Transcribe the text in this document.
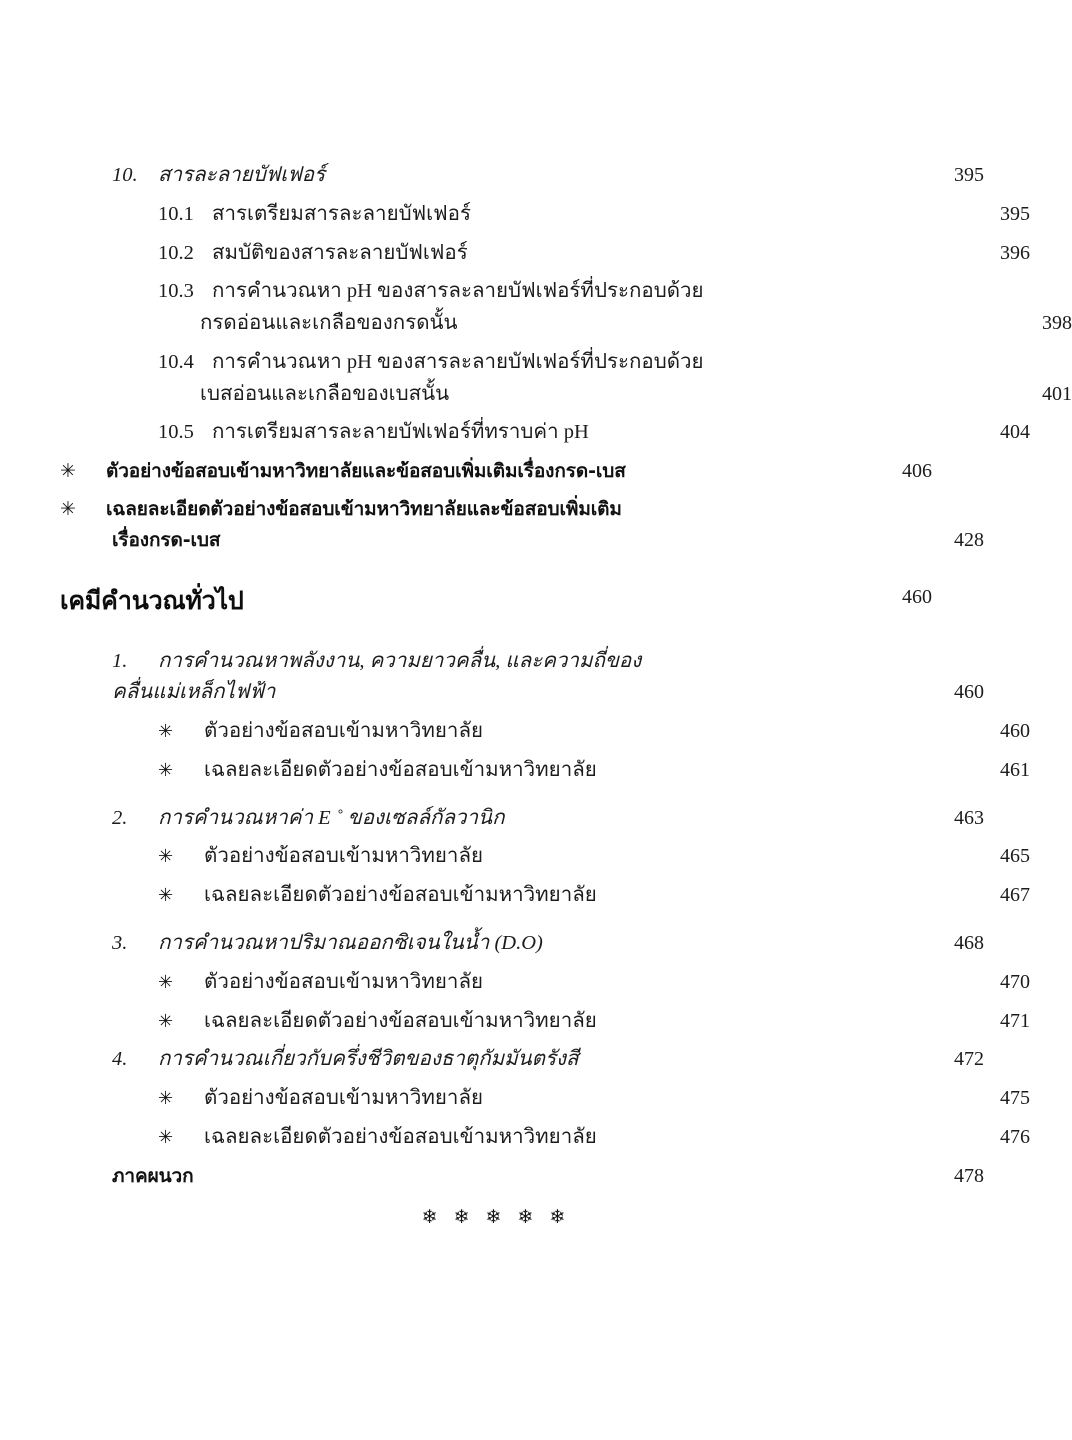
10. สารละลายบัฟเฟอร์	395
10.1 สารเตรียมสารละลายบัฟเฟอร์	395
10.2 สมบัติของสารละลายบัฟเฟอร์	396
10.3 การคำนวณหา pH ของสารละลายบัฟเฟอร์ที่ประกอบด้วย
กรดอ่อนและเกลือของกรดนั้น	398
10.4 การคำนวณหา pH ของสารละลายบัฟเฟอร์ที่ประกอบด้วย
เบสอ่อนและเกลือของเบสนั้น	401
10.5 การเตรียมสารละลายบัฟเฟอร์ที่ทราบค่า pH	404
✳ ตัวอย่างข้อสอบเข้ามหาวิทยาลัยและข้อสอบเพิ่มเติมเรื่องกรด-เบส	406
✳ เฉลยละเอียดตัวอย่างข้อสอบเข้ามหาวิทยาลัยและข้อสอบเพิ่มเติม
เรื่องกรด-เบส	428
เคมีคำนวณทั่วไป	460
1. การคำนวณหาพลังงาน, ความยาวคลื่น, และความถี่ของ
คลื่นแม่เหล็กไฟฟ้า	460
✳ ตัวอย่างข้อสอบเข้ามหาวิทยาลัย	460
✳ เฉลยละเอียดตัวอย่างข้อสอบเข้ามหาวิทยาลัย	461
2. การคำนวณหาค่า E ˚ ของเซลล์กัลวานิก	463
✳ ตัวอย่างข้อสอบเข้ามหาวิทยาลัย	465
✳ เฉลยละเอียดตัวอย่างข้อสอบเข้ามหาวิทยาลัย	467
3. การคำนวณหาปริมาณออกซิเจนในน้ำ (D.O)	468
✳ ตัวอย่างข้อสอบเข้ามหาวิทยาลัย	470
✳ เฉลยละเอียดตัวอย่างข้อสอบเข้ามหาวิทยาลัย	471
4. การคำนวณเกี่ยวกับครึ่งชีวิตของธาตุกัมมันตรังสี	472
✳ ตัวอย่างข้อสอบเข้ามหาวิทยาลัย	475
✳ เฉลยละเอียดตัวอย่างข้อสอบเข้ามหาวิทยาลัย	476
ภาคผนวก	478
❄ ❄ ❄ ❄ ❄
